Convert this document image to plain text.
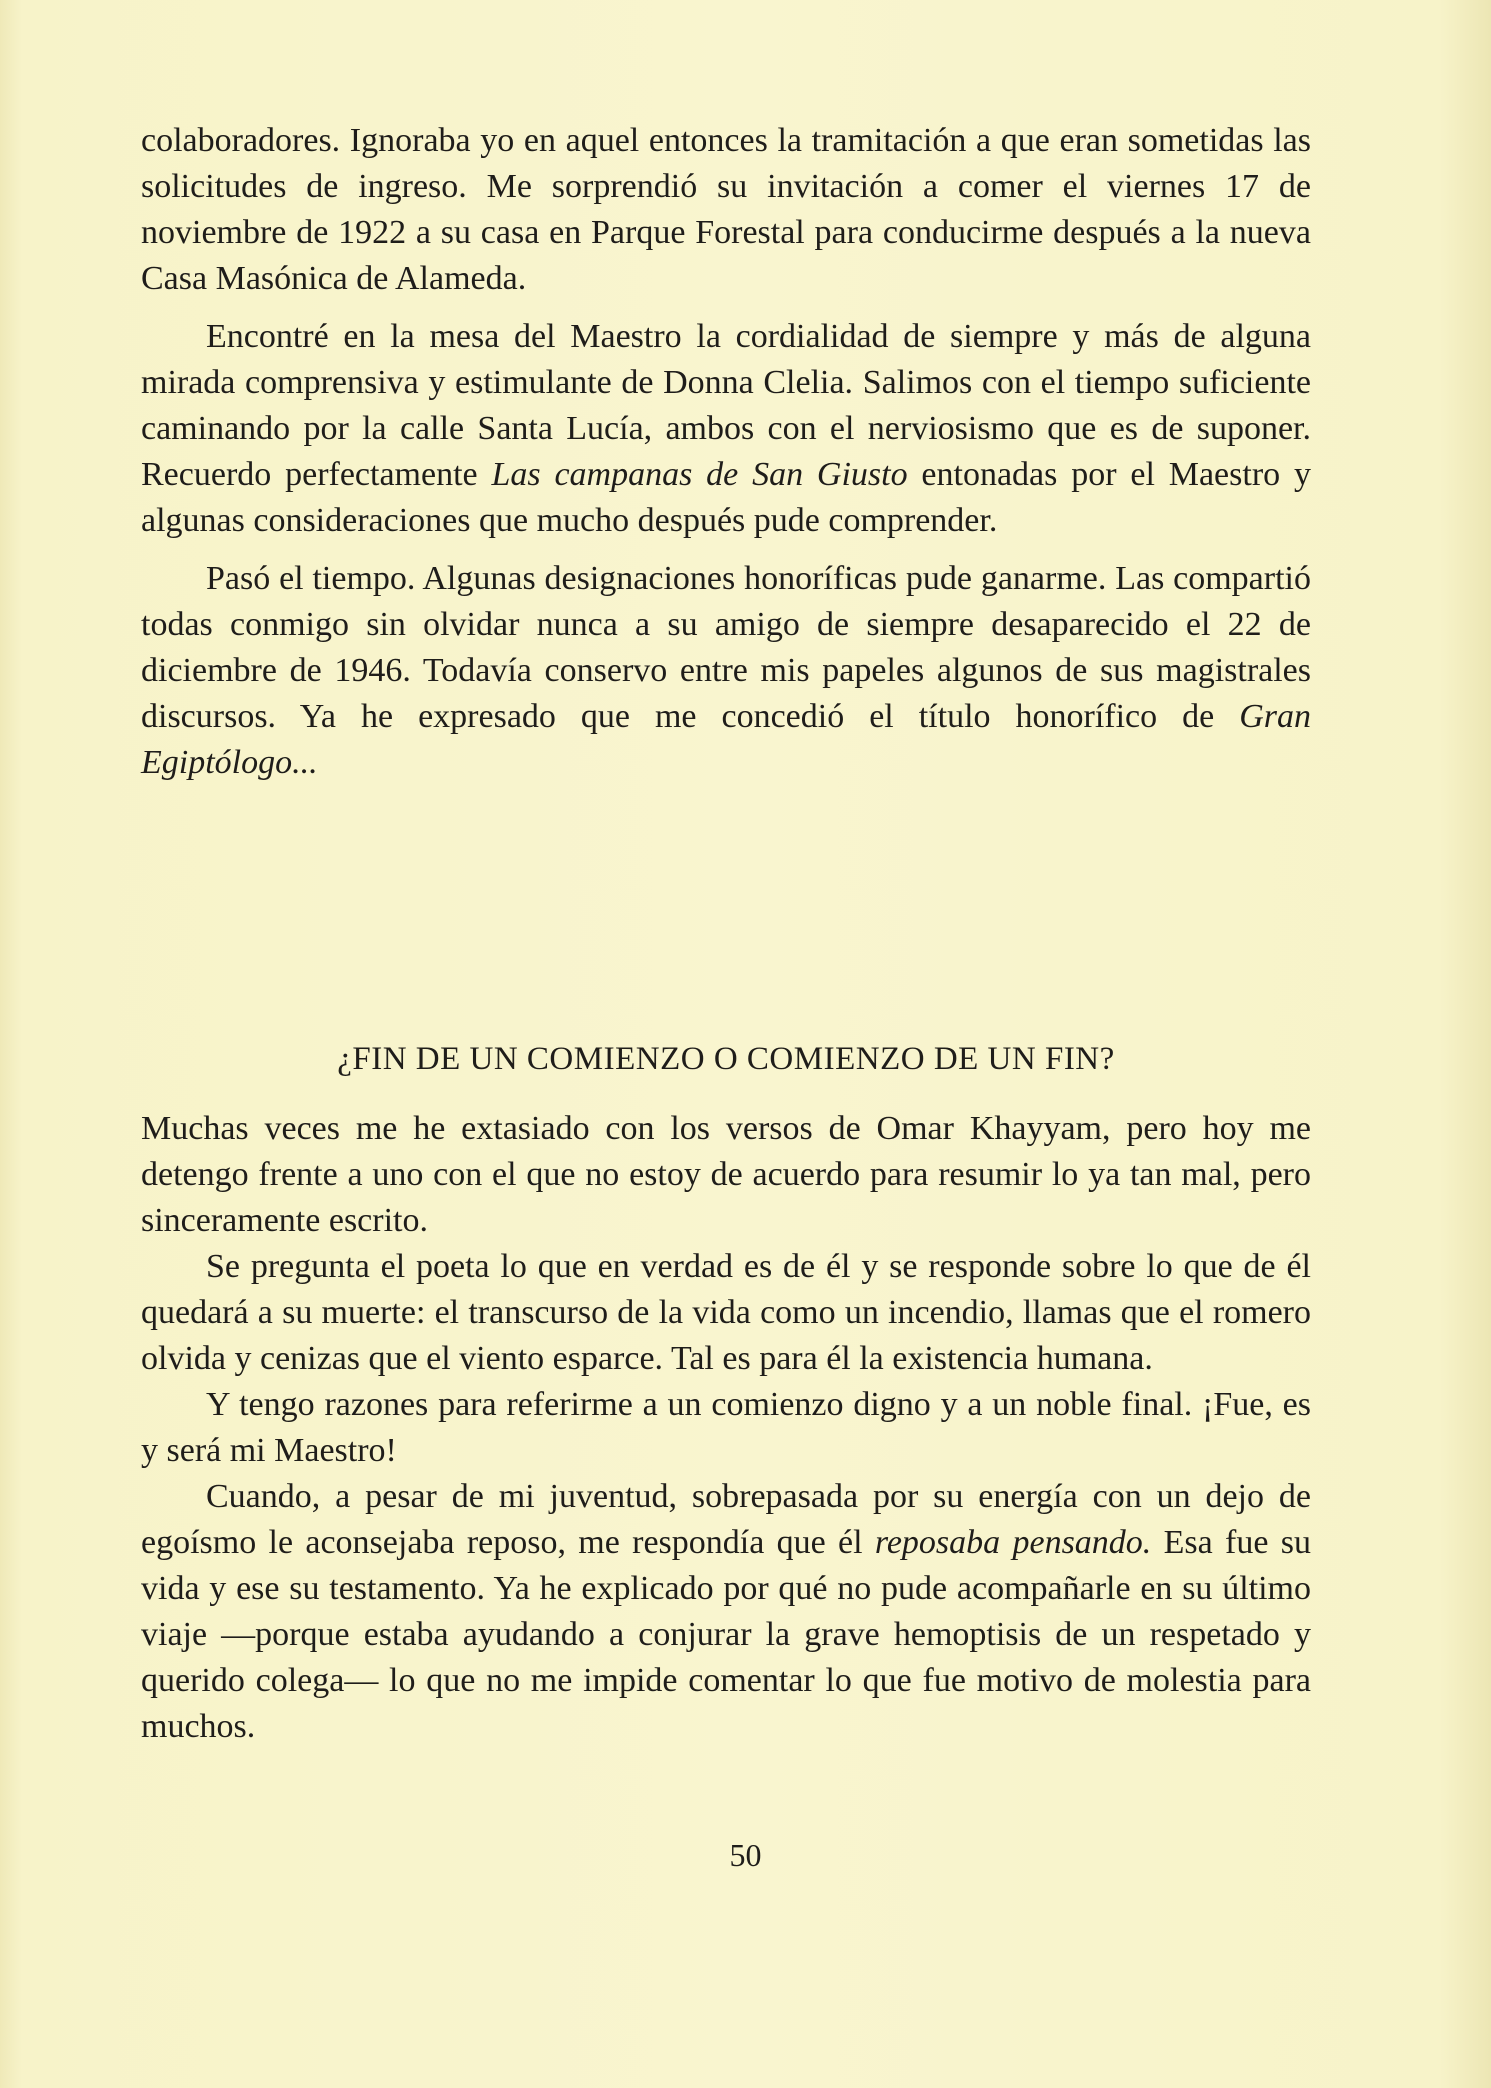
colaboradores. Ignoraba yo en aquel entonces la tramitación a que eran sometidas las solicitudes de ingreso. Me sorprendió su invitación a comer el viernes 17 de noviembre de 1922 a su casa en Parque Forestal para conducirme después a la nueva Casa Masónica de Alameda.

Encontré en la mesa del Maestro la cordialidad de siempre y más de alguna mirada comprensiva y estimulante de Donna Clelia. Salimos con el tiempo suficiente caminando por la calle Santa Lucía, ambos con el nerviosismo que es de suponer. Recuerdo perfectamente Las campanas de San Giusto entonadas por el Maestro y algunas consideraciones que mucho después pude comprender.

Pasó el tiempo. Algunas designaciones honoríficas pude ganarme. Las compartió todas conmigo sin olvidar nunca a su amigo de siempre desaparecido el 22 de diciembre de 1946. Todavía conservo entre mis papeles algunos de sus magistrales discursos. Ya he expresado que me concedió el título honorífico de Gran Egiptólogo...

¿FIN DE UN COMIENZO O COMIENZO DE UN FIN?

Muchas veces me he extasiado con los versos de Omar Khayyam, pero hoy me detengo frente a uno con el que no estoy de acuerdo para resumir lo ya tan mal, pero sinceramente escrito.

Se pregunta el poeta lo que en verdad es de él y se responde sobre lo que de él quedará a su muerte: el transcurso de la vida como un incendio, llamas que el romero olvida y cenizas que el viento esparce. Tal es para él la existencia humana.

Y tengo razones para referirme a un comienzo digno y a un noble final. ¡Fue, es y será mi Maestro!

Cuando, a pesar de mi juventud, sobrepasada por su energía con un dejo de egoísmo le aconsejaba reposo, me respondía que él reposaba pensando. Esa fue su vida y ese su testamento. Ya he explicado por qué no pude acompañarle en su último viaje —porque estaba ayudando a conjurar la grave hemoptisis de un respetado y querido colega— lo que no me impide comentar lo que fue motivo de molestia para muchos.

50
